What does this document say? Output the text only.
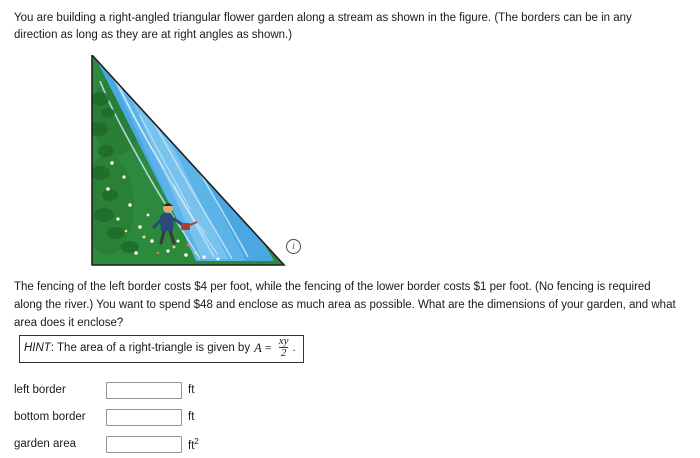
You are building a right-angled triangular flower garden along a stream as shown in the figure. (The borders can be in any direction as long as they are at right angles as shown.)

i

The fencing of the left border costs $4 per foot, while the fencing of the lower border costs $1 per foot. (No fencing is required along the river.) You want to spend $48 and enclose as much area as possible. What are the dimensions of your garden, and what area does it enclose?

HINT : The area of a right-triangle is given by $A = \frac{xy}{2}$ .
left border	ft
bottom border	ft
garden area	$ft^2$
